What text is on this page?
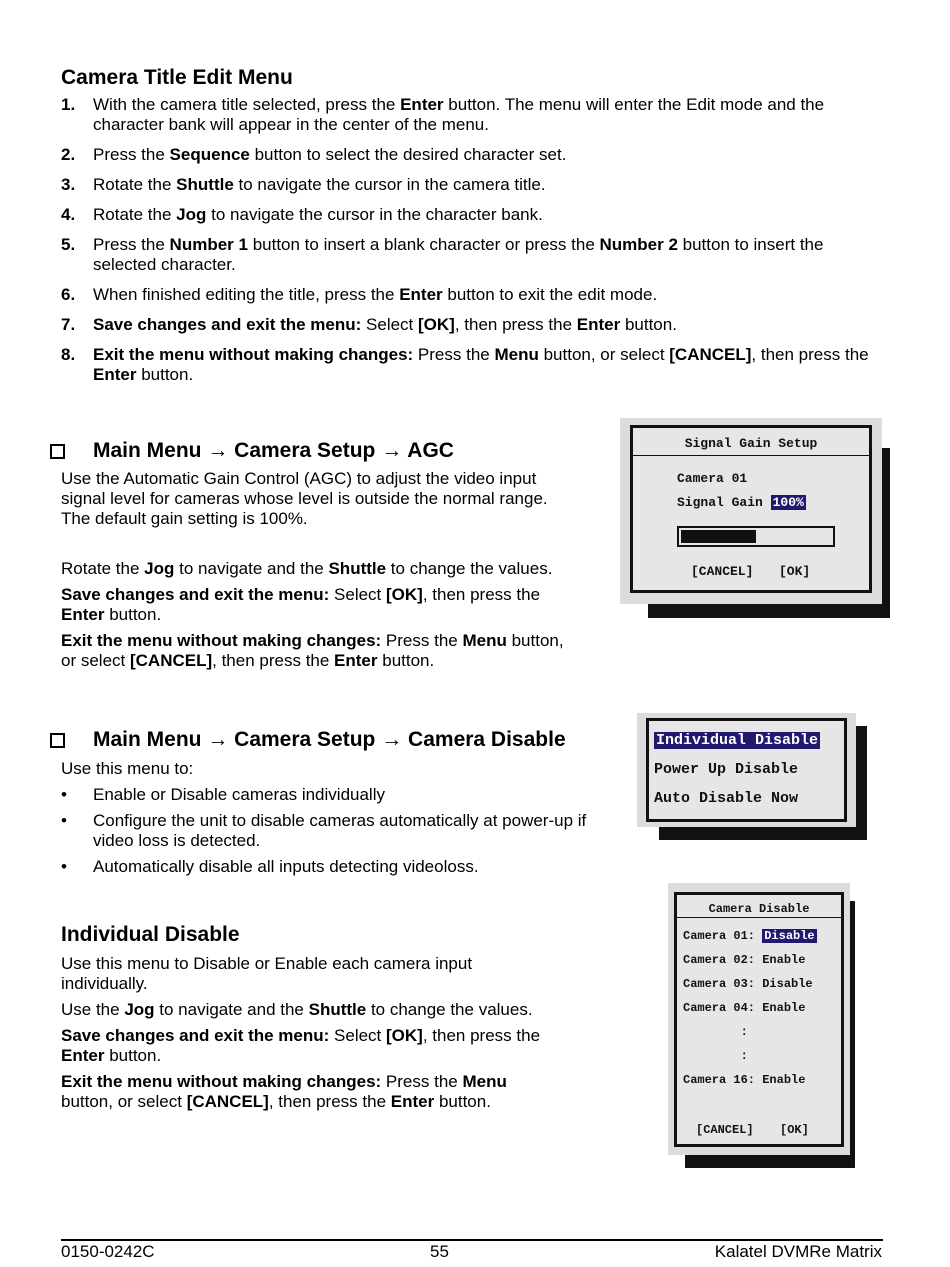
Camera Title Edit Menu
1. With the camera title selected, press the Enter button. The menu will enter the Edit mode and the character bank will appear in the center of the menu.
2. Press the Sequence button to select the desired character set.
3. Rotate the Shuttle to navigate the cursor in the camera title.
4. Rotate the Jog to navigate the cursor in the character bank.
5. Press the Number 1 button to insert a blank character or press the Number 2 button to insert the selected character.
6. When finished editing the title, press the Enter button to exit the edit mode.
7. Save changes and exit the menu: Select [OK], then press the Enter button.
8. Exit the menu without making changes: Press the Menu button, or select [CANCEL], then press the Enter button.
Main Menu → Camera Setup → AGC
Use the Automatic Gain Control (AGC) to adjust the video input signal level for cameras whose level is outside the normal range. The default gain setting is 100%.
Rotate the Jog to navigate and the Shuttle to change the values.
Save changes and exit the menu: Select [OK], then press the Enter button.
Exit the menu without making changes: Press the Menu button, or select [CANCEL], then press the Enter button.
Signal Gain Setup
Camera 01
Signal Gain 100%
[CANCEL] [OK]
Main Menu → Camera Setup → Camera Disable
Use this menu to:
• Enable or Disable cameras individually
• Configure the unit to disable cameras automatically at power-up if video loss is detected.
• Automatically disable all inputs detecting videoloss.
Individual Disable
Power Up Disable
Auto Disable Now
Individual Disable
Use this menu to Disable or Enable each camera input individually.
Use the Jog to navigate and the Shuttle to change the values.
Save changes and exit the menu: Select [OK], then press the Enter button.
Exit the menu without making changes: Press the Menu button, or select [CANCEL], then press the Enter button.
Camera Disable
Camera 01: Disable
Camera 02: Enable
Camera 03: Disable
Camera 04: Enable
:
:
Camera 16: Enable
[CANCEL] [OK]
0150-0242C	55	Kalatel DVMRe Matrix
